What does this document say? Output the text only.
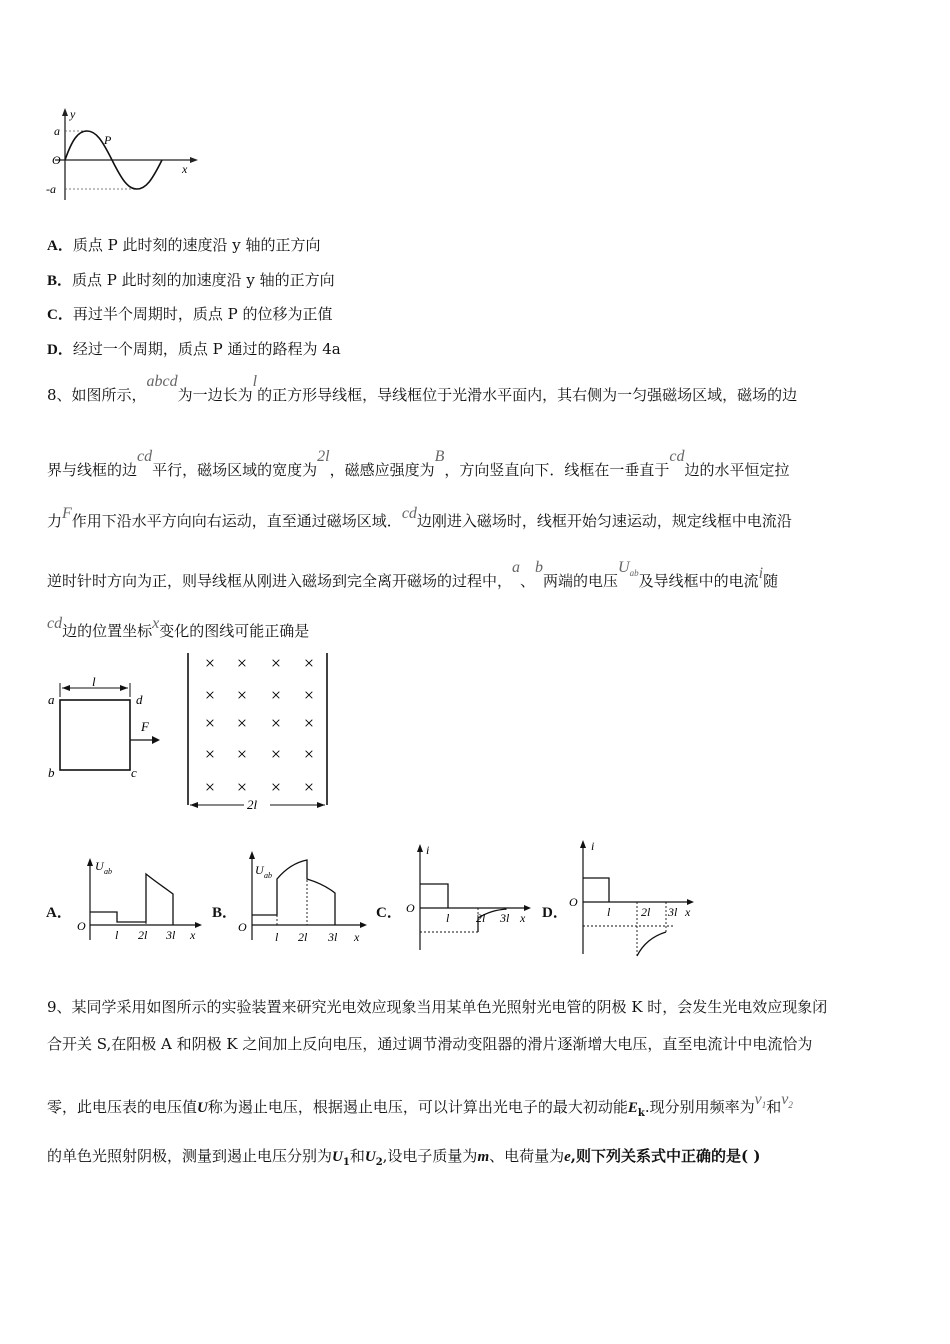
y
x
O
a
-a
P
A．质点 P 此时刻的速度沿 y 轴的正方向
B．质点 P 此时刻的加速度沿 y 轴的正方向
C．再过半个周期时，质点 P 的位移为正值
D．经过一个周期，质点 P 通过的路程为 4a
8、如图所示，abcd为一边长为l的正方形导线框，导线框位于光滑水平面内，其右侧为一匀强磁场区域，磁场的边
界与线框的边cd平行，磁场区域的宽度为2l，磁感应强度为B，方向竖直向下．线框在一垂直于cd边的水平恒定拉
力F作用下沿水平方向向右运动，直至通过磁场区域．cd边刚进入磁场时，线框开始匀速运动，规定线框中电流沿
逆时针时方向为正，则导线框从刚进入磁场到完全离开磁场的过程中，a、b两端的电压$U_{ab}$及导线框中的电流i随
cd边的位置坐标x变化的图线可能正确是
l
a	d
b	c
F
× × × ×
× × × ×
× × × ×
× × × ×
× × × ×
2l
A．
U ab
O
l 2l 3l x
B．
U ab
O
l 2l 3l x
C．
i
O
l 2l 3l x D．
i
O
l	2l 3l x
9、某同学采用如图所示的实验装置来研究光电效应现象当用某单色光照射光电管的阴极 K 时，会发生光电效应现象闭
合开关 S,在阳极 A 和阴极 K 之间加上反向电压，通过调节滑动变阻器的滑片逐渐增大电压，直至电流计中电流恰为
零，此电压表的电压值U称为遏止电压，根据遏止电压，可以计算出光电子的最大初动能$E_k$.现分别用频率为$\nu_1$和$\nu_2$
的单色光照射阴极，测量到遏止电压分别为$U_1$和$U_2$,设电子质量为m、电荷量为e,则下列关系式中正确的是( )
